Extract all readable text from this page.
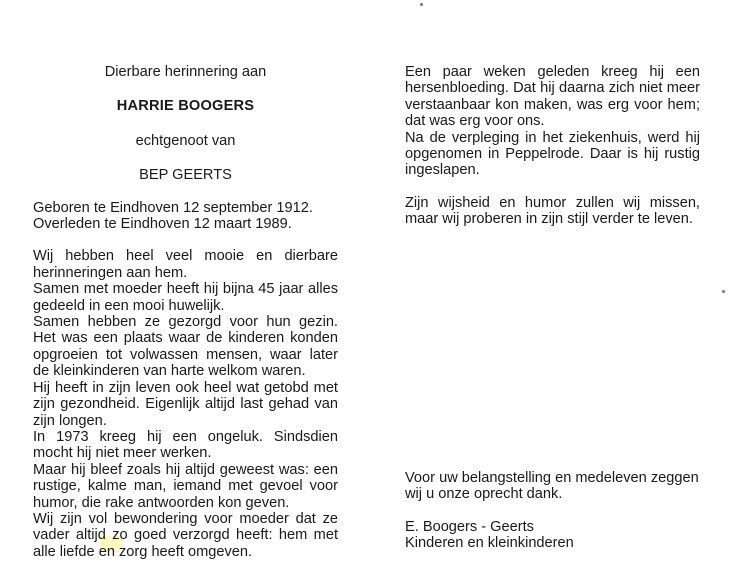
Dierbare herinnering aan
HARRIE BOOGERS
echtgenoot van
BEP GEERTS
Geboren te Eindhoven 12 september 1912.
Overleden te Eindhoven 12 maart 1989.
Wij hebben heel veel mooie en dierbare herinneringen aan hem.
Samen met moeder heeft hij bijna 45 jaar alles gedeeld in een mooi huwelijk.
Samen hebben ze gezorgd voor hun gezin. Het was een plaats waar de kinderen konden opgroeien tot volwassen mensen, waar later de kleinkinderen van harte welkom waren.
Hij heeft in zijn leven ook heel wat getobd met zijn gezondheid. Eigenlijk altijd last gehad van zijn longen.
In 1973 kreeg hij een ongeluk. Sindsdien mocht hij niet meer werken.
Maar hij bleef zoals hij altijd geweest was: een rustige, kalme man, iemand met gevoel voor humor, die rake antwoorden kon geven.
Wij zijn vol bewondering voor moeder dat ze vader altijd zo goed verzorgd heeft: hem met alle liefde en zorg heeft omgeven.
Een paar weken geleden kreeg hij een hersenbloeding. Dat hij daarna zich niet meer verstaanbaar kon maken, was erg voor hem; dat was erg voor ons.
Na de verpleging in het ziekenhuis, werd hij opgenomen in Peppelrode. Daar is hij rustig ingeslapen.
Zijn wijsheid en humor zullen wij missen, maar wij proberen in zijn stijl verder te leven.
Voor uw belangstelling en medeleven zeggen wij u onze oprecht dank.
E. Boogers - Geerts
Kinderen en kleinkinderen
